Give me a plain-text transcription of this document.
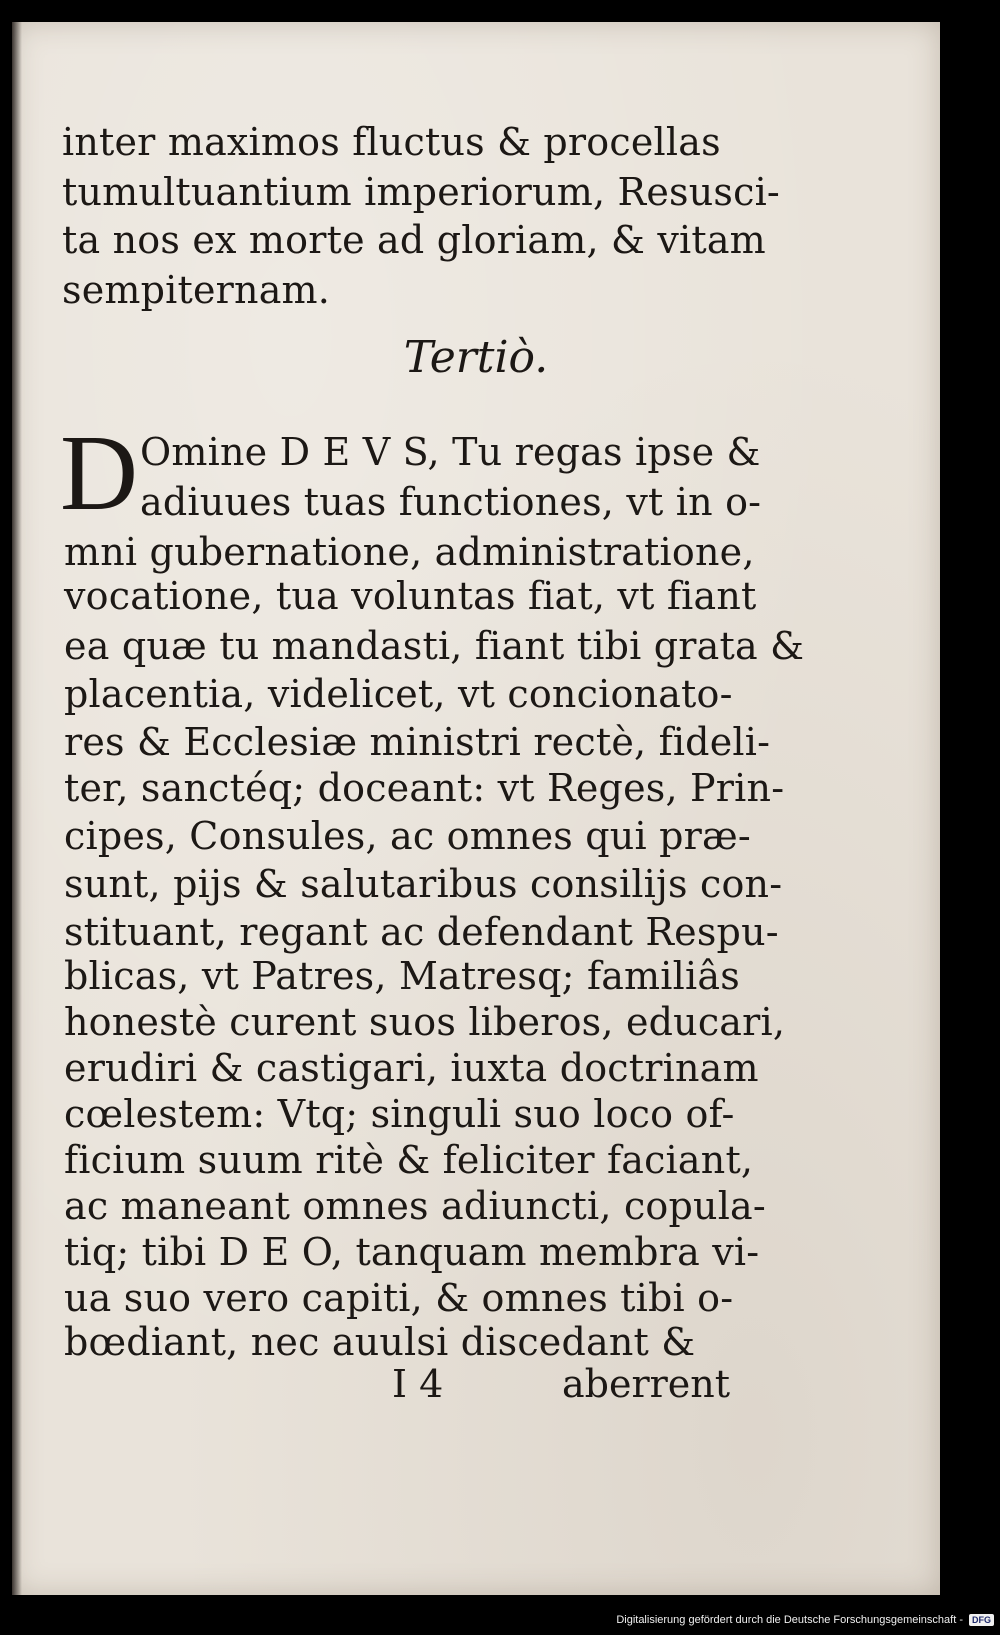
inter maximos fluctus & procellas
tumultuantium imperiorum, Resusci-
ta nos ex morte ad gloriam, & vitam
sempiternam.
Tertiò.
D Omine D E V S, Tu regas ipse &
adiuues tuas functiones, vt in o-
mni gubernatione, administratione,
vocatione, tua voluntas fiat, vt fiant
ea quæ tu mandasti, fiant tibi grata &
placentia, videlicet, vt concionato-
res & Ecclesiæ ministri rectè, fideli-
ter, sanctéq; doceant: vt Reges, Prin-
cipes, Consules, ac omnes qui præ-
sunt, pijs & salutaribus consilijs con-
stituant, regant ac defendant Respu-
blicas, vt Patres, Matresq; familiâs
honestè curent suos liberos, educari,
erudiri & castigari, iuxta doctrinam
cœlestem: Vtq; singuli suo loco of-
ficium suum ritè & feliciter faciant,
ac maneant omnes adiuncti, copula-
tiq; tibi D E O, tanquam membra vi-
ua suo vero capiti, & omnes tibi o-
bœdiant, nec auulsi discedant &
I 4	aberrent
Digitalisierung gefördert durch die Deutsche Forschungsgemeinschaft -	DFG
